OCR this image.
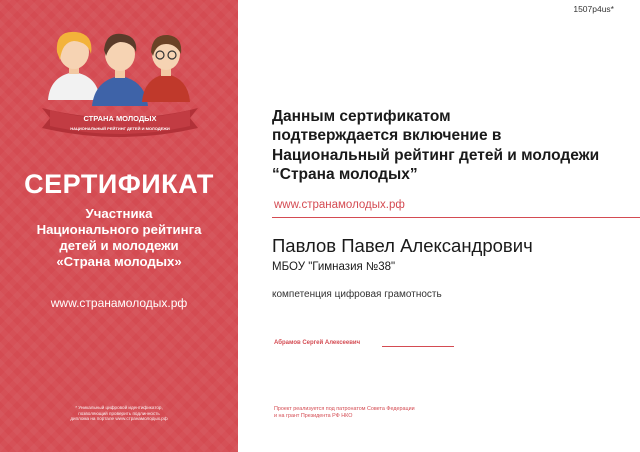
СТРАНА МОЛОДЫХ
НАЦИОНАЛЬНЫЙ РЕЙТИНГ ДЕТЕЙ И МОЛОДЕЖИ
СЕРТИФИКАТ
Участника
Национального рейтинга
детей и молодежи
«Страна молодых»
www.странамолодых.рф
* Уникальный цифровой идентификатор,
позволяющий проверить подлинность
диплома на портале www.странамолодых.рф
1507p4us*
Данным сертификатом
подтверждается включение в
Национальный рейтинг детей и молодежи
“Страна молодых”
www.странамолодых.рф
Павлов Павел Александрович
МБОУ "Гимназия №38"
компетенция цифровая грамотность
Абрамов Сергей Алексеевич
Проект реализуется под патронатом Совета Федерации
и на грант Президента РФ НКО
